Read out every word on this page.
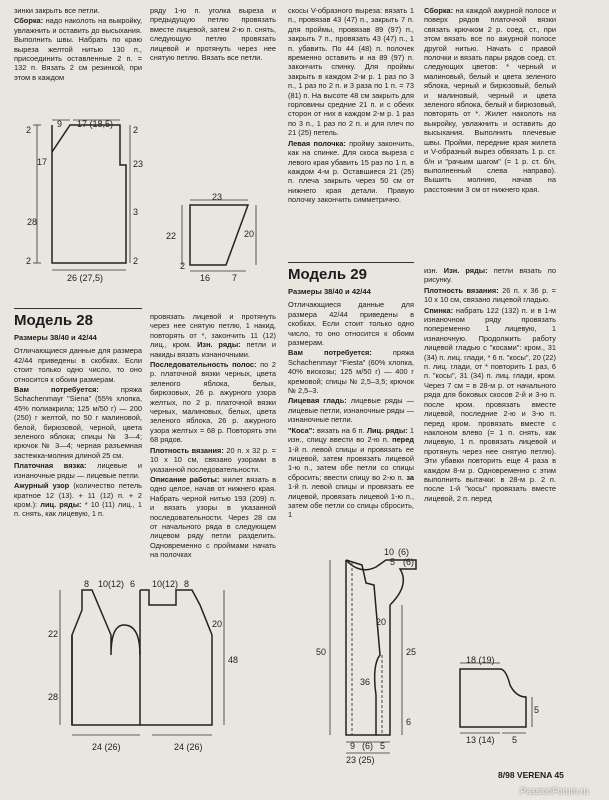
зинки закрыть все петли.

Сборка: надо наколоть на выкройку, увлажнить и оставить до высыхания. Выполнить швы. Набрать по краю выреза желтой нитью 130 п., присоединить оставленные 2 п. = 132 п. Вязать 2 см резинкой, при этом в каждом

ряду 1-ю п. уголка выреза и предыдущую петлю провязать вместе лицевой, затем 2-ю п. снять, следующую петлю провязать лицевой и протянуть через нее снятую петлю. Вязать все петли.

скосы V-образного выреза: вязать 1 п., провязав 43 (47) п., закрыть 7 п. для проймы, провязав 89 (97) п., закрыть 7 п., провязать 43 (47) п., 1 п. убавить. По 44 (48) п. полочек временно оставить и на 89 (97) п. закончить спинку. Для проймы закрыть в каждом 2-м р. 1 раз по 3 п., 1 раз по 2 п. и 3 раза по 1 п. = 73 (81) п. На высоте 48 см закрыть для горловины средние 21 п. и с обеих сторон от них в каждом 2-м р. 1 раз по 3 п., 1 раз по 2 п. и для плеч по 21 (25) петель.

Левая полочка: пройму закончить, как на спинке. Для скоса выреза с левого края убавить 15 раз по 1 п. в каждом 4-м р. Оставшиеся 21 (25) п. плеча закрыть через 50 см от нижнего края детали. Правую полочку закончить симметрично.

Сборка: на каждой ажурной полосе и поверх рядов платочной вязки связать крючком 2 р. соед. ст., при этом вязать все по ажурной полосе другой нитью. Начать с правой полочки и вязать пары рядов соед. ст. следующих цветов: * черный и малиновый, белый и цвета зеленого яблока, черный и бирюзовый, белый и малиновый, черный и цвета зеленого яблока, белый и бирюзовый, повторять от *. Жилет наколоть на выкройку, увлажнить и оставить до высыхания. Выполнить плечевые швы. Пройми, передние края жилета и V-образный вырез обвязать 1 р. ст. б/н и "рачьим шагом" (= 1 р. ст. б/н, выполненный слева направо). Вышить молнию, начав на расстоянии 3 см от нижнего края.

9 17 (18,5)
17
28
23
3
2
2
2
2
26 (27,5)
23
22	20
16 7
2
Модель 28
Размеры 38/40 и 42/44

Отличающиеся данные для размера 42/44 приведены в скобках. Если стоит только одно число, то оно относится к обоим размерам.

Вам потребуется: пряжа Schachenmayr "Siena" (55% хлопка, 45% полиакрила; 125 м/50 г) — 200 (250) г желтой, по 50 г малиновой, белой, бирюзовой, черной, цвета зеленого яблока; спицы № 3—4; крючок № 3—4; черная разъемная застежка-молния длиной 25 см.

Платочная вязка: лицевые и изнаночные ряды — лицевые петли.

Ажурный узор (количество петель кратное 12 (13). + 11 (12) п. + 2 кром.): лиц. ряды: * 10 (11) лиц., 1 п. снять, как лицевую, 1 п.

провязать лицевой и протянуть через нее снятую петлю, 1 накид, повторять от *, закончить 11 (12) лиц., кром. Изн. ряды: петли и накиды вязать изнаночными.

Последовательность полос: по 2 р. платочной вязки черных, цвета зеленого яблока, белых, бирюзовых, 26 р. ажурного узора желтых, по 2 р. платочной вязки черных, малиновых, белых, цвета зеленого яблока, 26 р. ажурного узора желтых = 68 р. Повторять эти 68 рядов.

Плотность вязания: 20 п. х 32 р. = 10 х 10 см, связано узорами в указанной последовательности.

Описание работы: жилет вязать в одно целое, начав от нижнего края. Набрать черной нитью 193 (209) п. и вязать узоры в указанной последовательности. Через 28 см от начального ряда в следующем лицевом ряду петли разделить. Одновременно с проймами начать на полочках

8 10(12) 6 10(12) 8
22
28
48
20
24 (26)	24 (26)
Модель 29
Размеры 38/40 и 42/44

Отличающиеся данные для размера 42/44 приведены в скобках. Если стоит только одно число, то оно относится к обоим размерам.

Вам потребуется: пряжа Schachenmayr "Fiesta" (60% хлопка, 40% вискозы; 125 м/50 г) — 400 г кремовой; спицы № 2,5–3,5; крючок № 2,5–3.

Лицевая гладь: лицевые ряды — лицевые петли, изнаночные ряды — изнаночные петли.

"Коса": вязать на 6 п. Лиц. ряды: 1 изн., спицу ввести во 2-ю п. перед 1-й п. левой спицы и провязать ее лицевой, затем провязать лицевой 1-ю п., затем обе петли со спицы сбросить; ввести спицу во 2-ю п. за 1-й п. левой спицы и провязать ее лицевой, провязать лицевой 1-ю п., затем обе петли со спицы сбросить, 1

изн. Изн. ряды: петли вязать по рисунку.

Плотность вязания: 26 п. х 36 р. = 10 х 10 см, связано лицевой гладью.

Спинка: набрать 122 (132) п. и в 1-м изнаночном ряду провязать попеременно 1 лицевую, 1 изнаночную. Продолжить работу лицевой гладью с "косами": кром., 31 (34) п. лиц. глади, * 6 п. "косы", 20 (22) п. лиц. глади, от * повторить 1 раз, 6 п. "косы", 31 (34) п. лиц. глади, кром. Через 7 см = в 28-м р. от начального ряда для боковых скосов 2-й и 3-ю п. после кром. провязать вместе лицевой, последние 2-ю и 3-ю п. перед кром. провязать вместе с наклоном влево (= 1 п. снять, как лицевую, 1 п. провязать лицевой и протянуть через нее снятую петлю). Эти убавки повторить еще 4 раза в каждом 8-м р. Одновременно с этим выполнить вытачки: в 28-м р. 2 п. после 1-й "косы" провязать вместе лицевой, 2 п. перед

10 (6)
5 (6)
50
20
36
25
6
9 (6) 5
23 (25)
18 (19)
5
13 (14) 5
8/98 VERENA 45
PassionForum.ru
